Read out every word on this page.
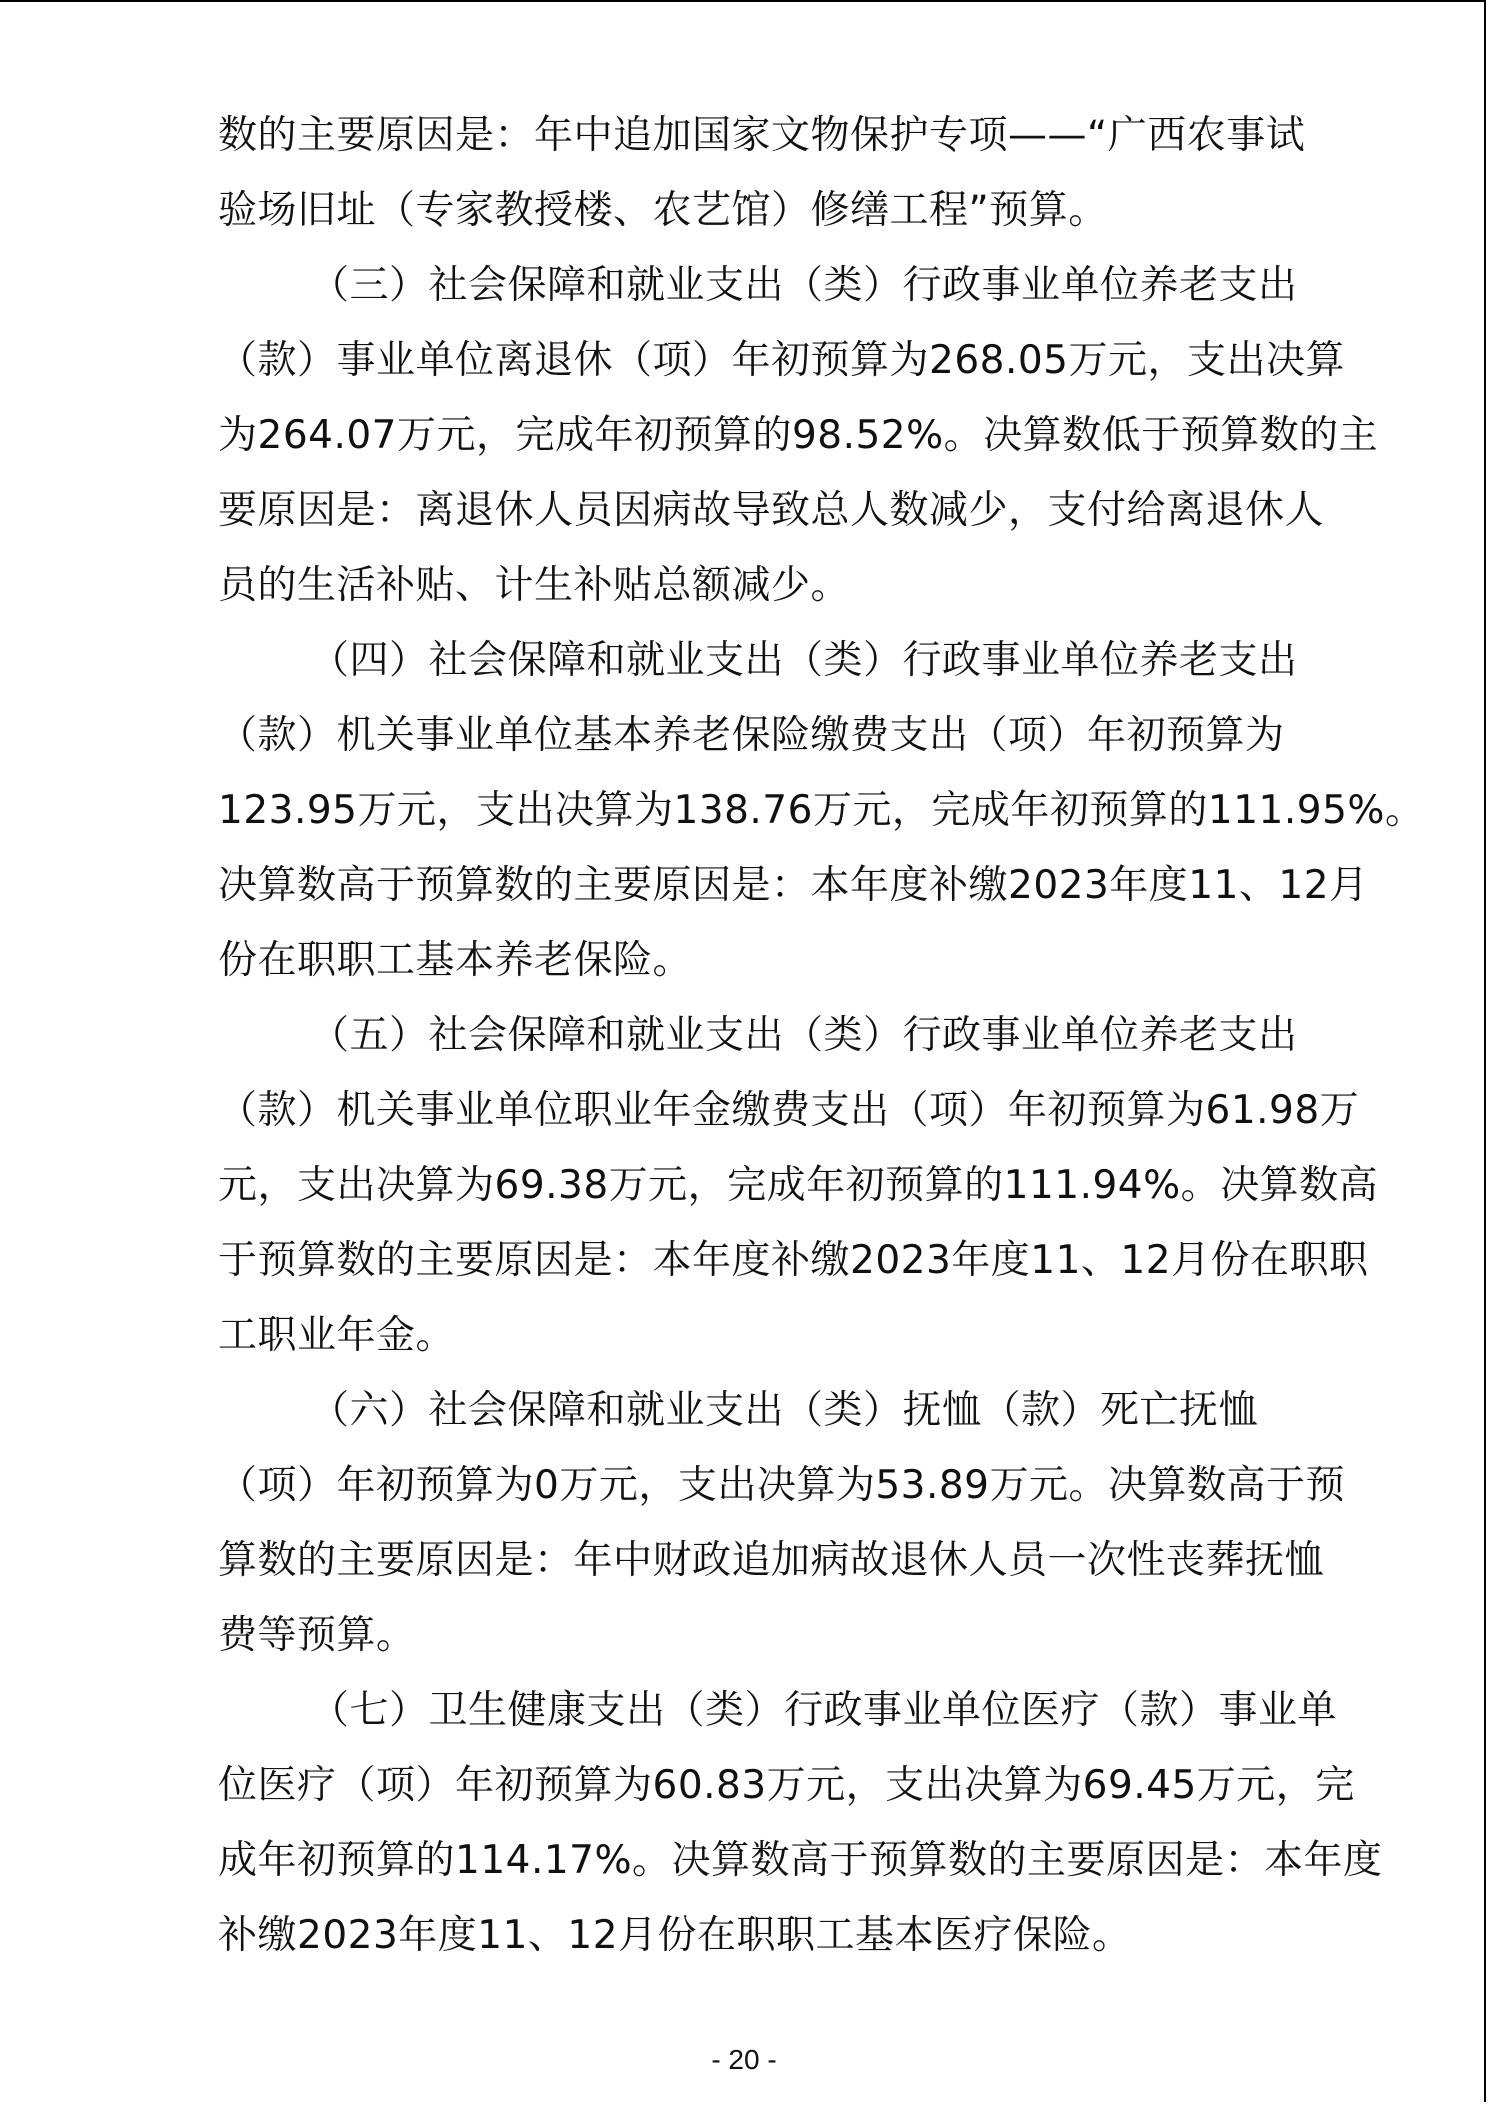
数的主要原因是：年中追加国家文物保护专项——“广西农事试
验场旧址（专家教授楼、农艺馆）修缮工程”预算。
（三）社会保障和就业支出（类）行政事业单位养老支出
（款）事业单位离退休（项）年初预算为268.05万元，支出决算
为264.07万元，完成年初预算的98.52%。决算数低于预算数的主
要原因是：离退休人员因病故导致总人数减少，支付给离退休人
员的生活补贴、计生补贴总额减少。
（四）社会保障和就业支出（类）行政事业单位养老支出
（款）机关事业单位基本养老保险缴费支出（项）年初预算为
123.95万元，支出决算为138.76万元，完成年初预算的111.95%。
决算数高于预算数的主要原因是：本年度补缴2023年度11、12月
份在职职工基本养老保险。
（五）社会保障和就业支出（类）行政事业单位养老支出
（款）机关事业单位职业年金缴费支出（项）年初预算为61.98万
元，支出决算为69.38万元，完成年初预算的111.94%。决算数高
于预算数的主要原因是：本年度补缴2023年度11、12月份在职职
工职业年金。
（六）社会保障和就业支出（类）抚恤（款）死亡抚恤
（项）年初预算为0万元，支出决算为53.89万元。决算数高于预
算数的主要原因是：年中财政追加病故退休人员一次性丧葬抚恤
费等预算。
（七）卫生健康支出（类）行政事业单位医疗（款）事业单
位医疗（项）年初预算为60.83万元，支出决算为69.45万元，完
成年初预算的114.17%。决算数高于预算数的主要原因是：本年度
补缴2023年度11、12月份在职职工基本医疗保险。
- 20 -
